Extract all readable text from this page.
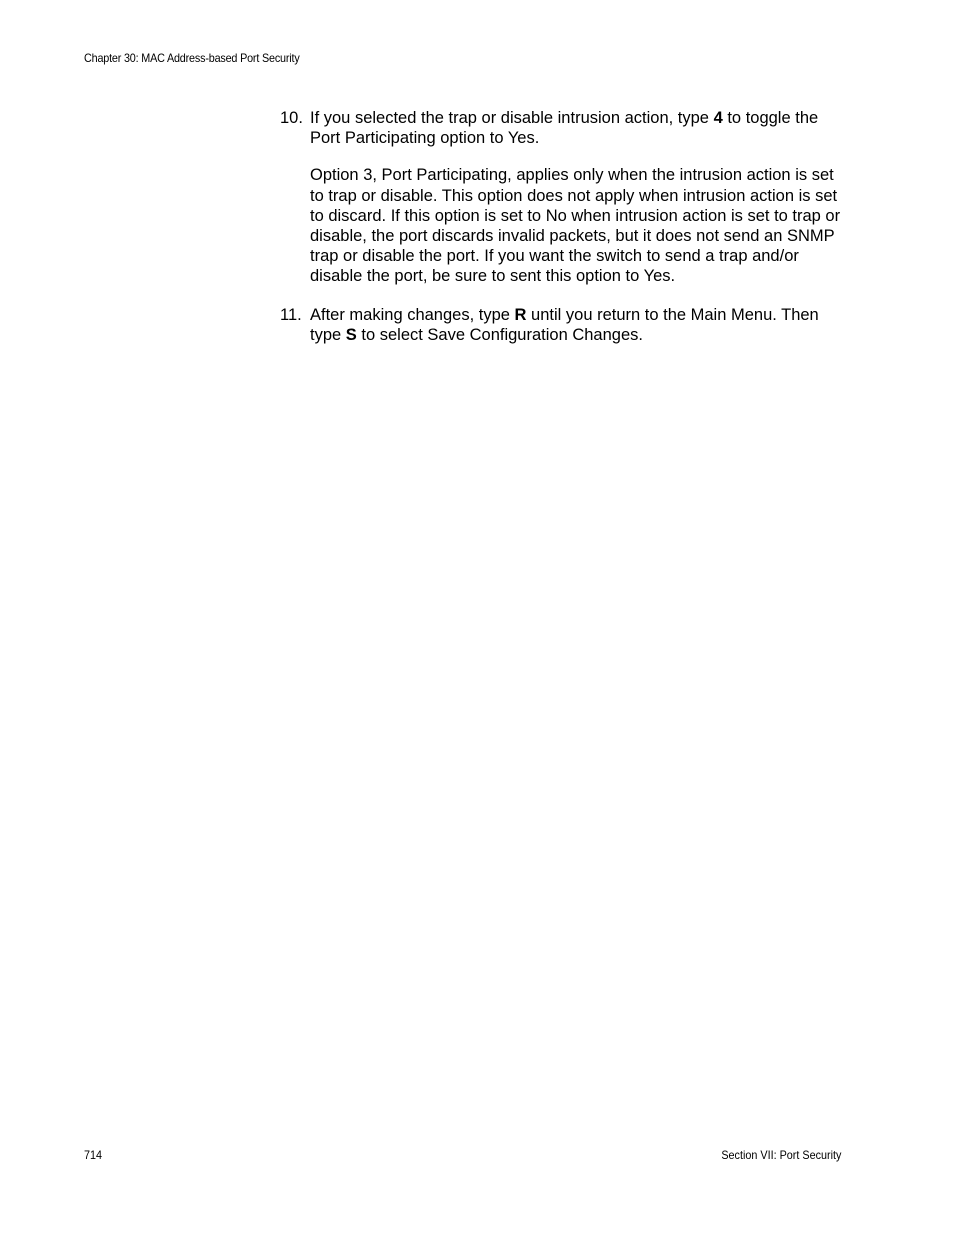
Chapter 30: MAC Address-based Port Security
10. If you selected the trap or disable intrusion action, type 4 to toggle the
Port Participating option to Yes.

Option 3, Port Participating, applies only when the intrusion action is set to trap or disable. This option does not apply when intrusion action is set to discard. If this option is set to No when intrusion action is set to trap or disable, the port discards invalid packets, but it does not send an SNMP trap or disable the port. If you want the switch to send a trap and/or disable the port, be sure to sent this option to Yes.

11. After making changes, type R until you return to the Main Menu. Then
type S to select Save Configuration Changes.

714	Section VII: Port Security
